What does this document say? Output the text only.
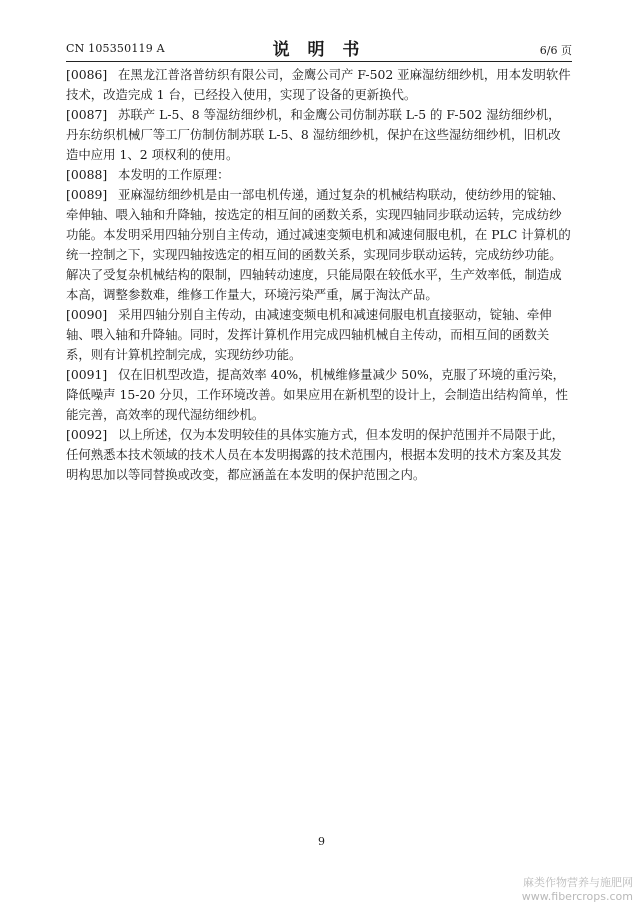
CN 105350119 A	说 明 书	6/6 页

[0086] 在黑龙江普洛普纺织有限公司，金鹰公司产 F-502 亚麻湿纺细纱机，用本发明软件技术，改造完成 1 台，已经投入使用，实现了设备的更新换代。

[0087] 苏联产 L-5、8 等湿纺细纱机，和金鹰公司仿制苏联 L-5 的 F-502 湿纺细纱机，丹东纺织机械厂等工厂仿制仿制苏联 L-5、8 湿纺细纱机，保护在这些湿纺细纱机，旧机改造中应用 1、2 项权利的使用。

[0088] 本发明的工作原理：

[0089] 亚麻湿纺细纱机是由一部电机传递，通过复杂的机械结构联动，使纺纱用的锭轴、牵伸轴、喂入轴和升降轴，按选定的相互间的函数关系，实现四轴同步联动运转，完成纺纱功能。本发明采用四轴分别自主传动，通过减速变频电机和减速伺服电机，在 PLC 计算机的统一控制之下，实现四轴按选定的相互间的函数关系，实现同步联动运转，完成纺纱功能。解决了受复杂机械结构的限制，四轴转动速度，只能局限在较低水平，生产效率低，制造成本高，调整参数难，维修工作量大，环境污染严重，属于淘汰产品。

[0090] 采用四轴分别自主传动，由减速变频电机和减速伺服电机直接驱动，锭轴、牵伸轴、喂入轴和升降轴。同时，发挥计算机作用完成四轴机械自主传动，而相互间的函数关系，则有计算机控制完成，实现纺纱功能。

[0091] 仅在旧机型改造，提高效率 40%，机械维修量减少 50%，克服了环境的重污染，降低噪声 15-20 分贝，工作环境改善。如果应用在新机型的设计上，会制造出结构简单，性能完善，高效率的现代湿纺细纱机。

[0092] 以上所述，仅为本发明较佳的具体实施方式，但本发明的保护范围并不局限于此，任何熟悉本技术领域的技术人员在本发明揭露的技术范围内，根据本发明的技术方案及其发明构思加以等同替换或改变，都应涵盖在本发明的保护范围之内。

9
麻类作物营养与施肥网
www.fibercrops.com
